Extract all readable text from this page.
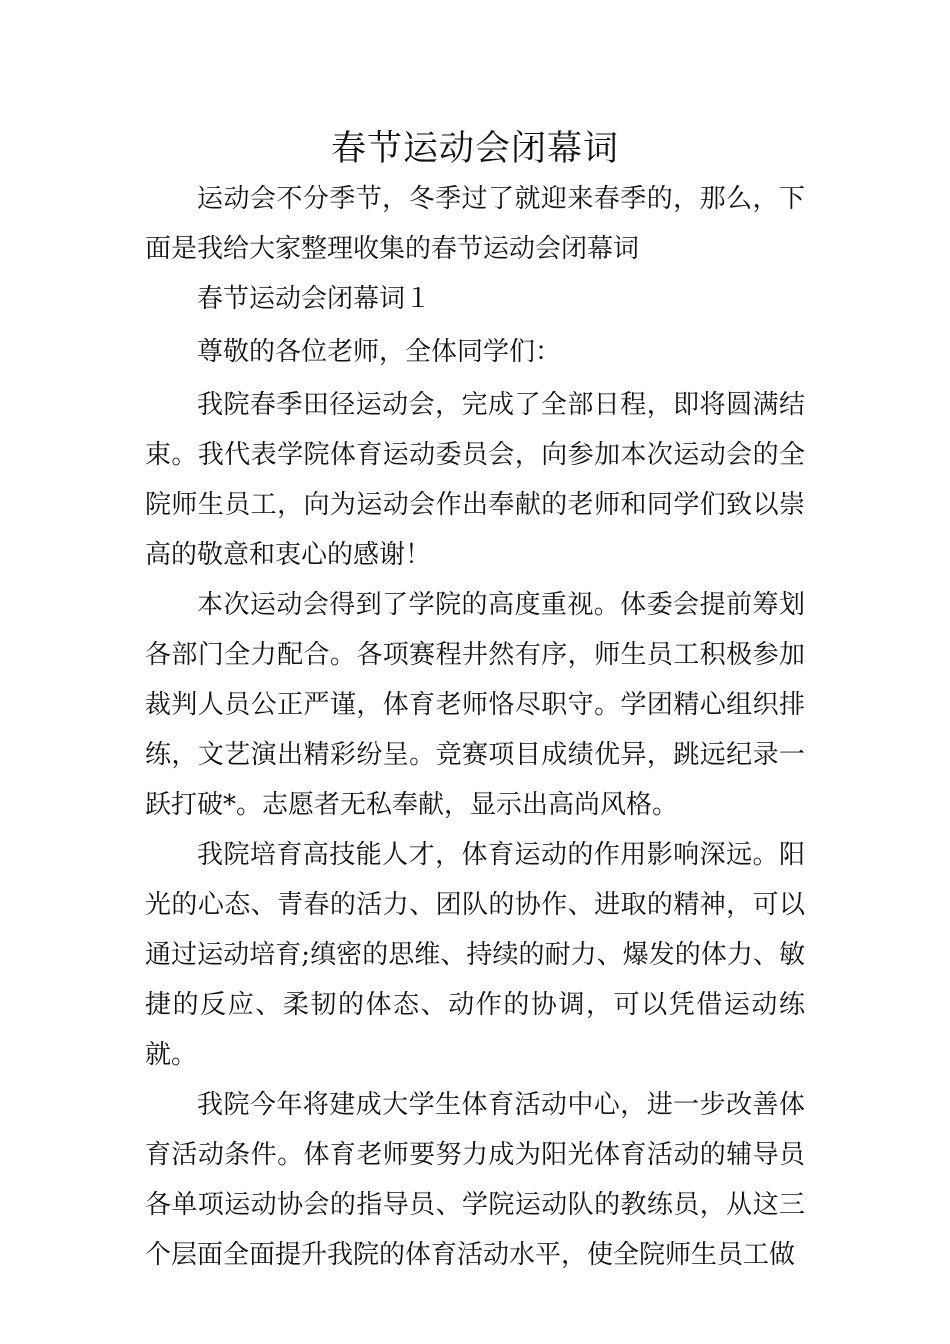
春节运动会闭幕词

运动会不分季节，冬季过了就迎来春季的，那么，下面是我给大家整理收集的春节运动会闭幕词

春节运动会闭幕词１

尊敬的各位老师，全体同学们：

我院春季田径运动会，完成了全部日程，即将圆满结束。我代表学院体育运动委员会，向参加本次运动会的全院师生员工，向为运动会作出奉献的老师和同学们致以崇高的敬意和衷心的感谢！

本次运动会得到了学院的高度重视。体委会提前筹划各部门全力配合。各项赛程井然有序，师生员工积极参加裁判人员公正严谨，体育老师恪尽职守。学团精心组织排练，文艺演出精彩纷呈。竞赛项目成绩优异，跳远纪录一跃打破*。志愿者无私奉献，显示出高尚风格。

我院培育高技能人才，体育运动的作用影响深远。阳光的心态、青春的活力、团队的协作、进取的精神，可以通过运动培育;缜密的思维、持续的耐力、爆发的体力、敏捷的反应、柔韧的体态、动作的协调，可以凭借运动练就。

我院今年将建成大学生体育活动中心，进一步改善体育活动条件。体育老师要努力成为阳光体育活动的辅导员各单项运动协会的指导员、学院运动队的教练员，从这三个层面全面提升我院的体育活动水平，使全院师生员工做
